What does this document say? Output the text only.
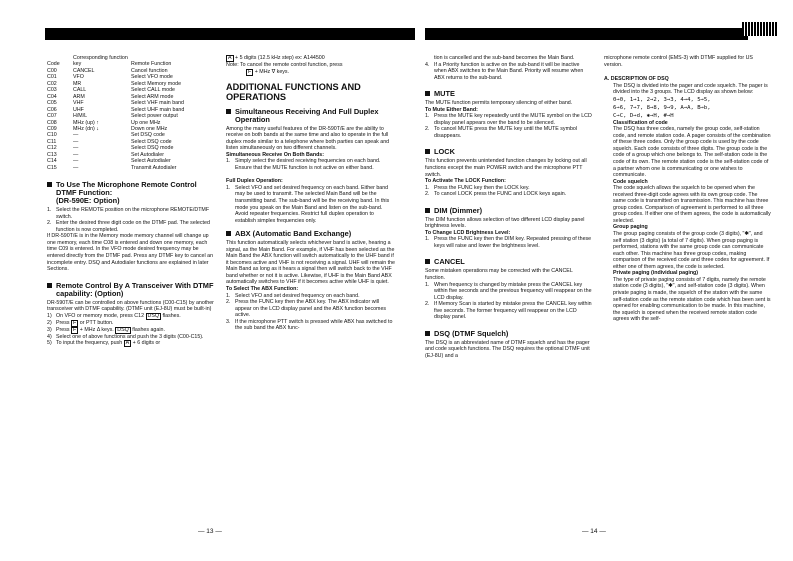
Code	Corresponding function key	Remote Function
C00	CANCEL	Cancel function
C01	VFO	Select VFO mode
C02	MR	Select Memory mode
C03	CALL	Select CALL mode
C04	ARM	Select ARM mode
C05	VHF	Select VHF main band
C06	UHF	Select UHF main band
C07	H/M/L	Select power output
C08	MHz (up) ↑	Up one MHz
C09	MHz (dn) ↓	Down one MHz
C10	—	Set DSQ code
C11	—	Select DSQ code
C12	—	Select DSQ mode
C13	—	Set Autodialer
C14	—	Select Autodialer
C15	—	Transmit Autodialer
To Use The Microphone Remote Control DTMF Function:
(DR-590E: Option)
1. Select the REMOTE position on the microphone REMOTE/DTMF switch.
2. Enter the desired three digit code on the DTMF pad. The selected function is now completed.

If DR-590T/E is in the Memory mode memory channel will change up one memory, each time C08 is entered and down one memory, each time C09 is entered. In the VFO mode desired frequency may be entered directly from the DTMF pad. Press any DTMF key to cancel an incomplete entry. DSQ and Autodialer functions are explained in later Sections.

Remote Control By A Transceiver With DTMF capability: (Option)

DR-590T/E can be controlled on above functions (C00-C15) by another transceiver with DTMF capability. (DTMF unit (EJ-8U) must be built-in)

1) On VFO or memory mode, press C12 DSQ flashes.
2) Press F or PTT button.
3) Press F + MHz Δ keys. DSQ flashes again.
4) Select one of above functions and push the 3 digits (C00-C15).
5) To input the frequency, push A + 6 digits or

A + 5 digits (12.5 kHz step) ex: A144500

Note: To cancel the remote control function, press

F + MHz ∇ keys.

ADDITIONAL FUNCTIONS AND OPERATIONS
Simultaneous Receiving And Full Duplex Operation

Among the many useful features of the DR-590T/E are the ability to receive on both bands at the same time and also to operate in the full duplex mode similar to a telephone where both parties can speak and listen simultaneously on two different channels.

Simultaneous Receive On Both Bands:

1. Simply select the desired receiving frequencies on each band. Ensure that the MUTE function is not active on either band.

Full Duplex Operation:

1. Select VFO and set desired frequency on each band. Either band may be used to transmit. The selected Main Band will be the transmitting band. The sub-band will be the receiving band. In this mode you speak on the Main Band and listen on the sub-band. Avoid repeater frequencies. Restrict full duplex operation to establish simplex frequencies only.
ABX (Automatic Band Exchange)

This function automatically selects whichever band is active, hearing a signal, as the Main Band. For example, if VHF has been selected as the Main Band the ABX function will switch automatically to the UHF band if it becomes active and VHF is not receiving a signal. UHF will remain the Main Band as long as it hears a signal then will switch back to the VHF band whether or not it is active. Likewise, if UHF is the Main Band ABX automatically switches to VHF if it becomes active while UHF is quiet.

To Select The ABX Function:

1. Select VFO and set desired frequency on each band.
2. Press the FUNC key then the ABX key. The ABX indicator will appear on the LCD display panel and the ABX function becomes active.
3. If the microphone PTT switch is pressed while ABX has switched to the sub band the ABX func-
— 13 —

tion is cancelled and the sub-band becomes the Main Band.

4. If a Priority function is active on the sub-band it will be inactive when ABX switches to the Main Band. Priority will resume when ABX returns to the sub-band.
MUTE

The MUTE function permits temporary silencing of either band.

To Mute Either Band:

1. Press the MUTE key repeatedly until the MUTE symbol on the LCD display panel appears over the band to be silenced.
2. To cancel MUTE press the MUTE key until the MUTE symbol disappears.
LOCK

This function prevents unintended function changes by locking out all functions except the main POWER switch and the microphone PTT switch.

To Activate The LOCK Function:

1. Press the FUNC key then the LOCK key.
2. To cancel LOCK press the FUNC and LOCK keys again.
DIM (Dimmer)

The DIM function allows selection of two different LCD display panel brightness levels.

To Change LCD Brightness Level:

1. Press the FUNC key then the DIM key. Repeated pressing of these keys will raise and lower the brightness level.
CANCEL

Some mistaken operations may be corrected with the CANCEL function.

1. When frequency is changed by mistake press the CANCEL key within five seconds and the previous frequency will reappear on the LCD display.
2. If Memory Scan is started by mistake press the CANCEL key within five seconds. The former frequency will reappear on the LCD display panel.
DSQ (DTMF Squelch)

The DSQ is an abbreviated name of DTMF squelch and has the pager and code squelch functions. The DSQ requires the optional DTMF unit (EJ-8U) and a

microphone remote control (EMS-3) with DTMF supplied for US version.

A. DESCRIPTION OF DSQ

The DSQ is divided into the pager and code squelch. The pager is divided into the 3 groups. The LCD display as shown below:

0→0, 1→1, 2→2, 3→3, 4→4, 5→5,
6→6, 7→7, 8→8, 9→9, A→A, B→b,
C→C, D→d, ✱→H, #→H

Classification of code

The DSQ has three codes, namely the group code, self-station code, and remote station code. A pager consists of the combination of these three codes. Only the group code is used by the code squelch. Each code consists of three digits. The group code is the code of a group which one belongs to. The self-station code is the code of its own. The remote station code is the self-station code of a partner whom one is communicating or one wishes to communicate.

Code squelch

The code squelch allows the squelch to be opened when the received three-digit code agrees with its own group code. The same code is transmitted on transmission. This machine has three group codes. Comparison of agreement is performed to all three group codes. If either one of them agrees, the code is automatically selected.

Group paging

The group paging consists of the group code (3 digits), "✱", and self station (3 digits) (a total of 7 digits). When group paging is performed, stations with the same group code can communicate each other. This machine has three group codes, making comparison of the received code and three codes for agreement. If either one of them agrees, the code is selected.

Private paging (individual paging)

The type of private paging consists of 7 digits, namely the remote station code (3 digits), "✱", and self-station code (3 digits). When private paging is made, the squelch of the station with the same self-station code as the remote station code which has been sent is opened for enabling communication to be made. In this machine, the squelch is opened when the received remote station code agrees with the self-

— 14 —
